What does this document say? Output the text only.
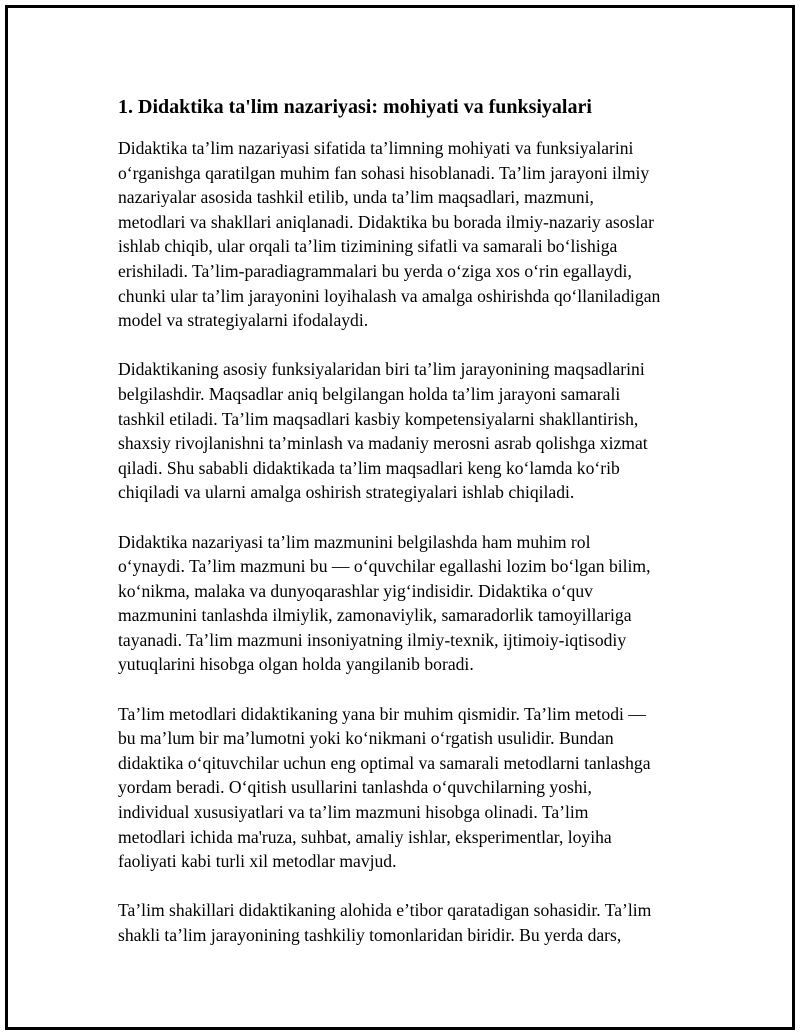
1. Didaktika ta'lim nazariyasi: mohiyati va funksiyalari

Didaktika ta’lim nazariyasi sifatida ta’limning mohiyati va funksiyalarini
o‘rganishga qaratilgan muhim fan sohasi hisoblanadi. Ta’lim jarayoni ilmiy
nazariyalar asosida tashkil etilib, unda ta’lim maqsadlari, mazmuni,
metodlari va shakllari aniqlanadi. Didaktika bu borada ilmiy-nazariy asoslar
ishlab chiqib, ular orqali ta’lim tizimining sifatli va samarali bo‘lishiga
erishiladi. Ta’lim-paradiagrammalari bu yerda o‘ziga xos o‘rin egallaydi,
chunki ular ta’lim jarayonini loyihalash va amalga oshirishda qo‘llaniladigan
model va strategiyalarni ifodalaydi.

Didaktikaning asosiy funksiyalaridan biri ta’lim jarayonining maqsadlarini
belgilashdir. Maqsadlar aniq belgilangan holda ta’lim jarayoni samarali
tashkil etiladi. Ta’lim maqsadlari kasbiy kompetensiyalarni shakllantirish,
shaxsiy rivojlanishni ta’minlash va madaniy merosni asrab qolishga xizmat
qiladi. Shu sababli didaktikada ta’lim maqsadlari keng ko‘lamda ko‘rib
chiqiladi va ularni amalga oshirish strategiyalari ishlab chiqiladi.

Didaktika nazariyasi ta’lim mazmunini belgilashda ham muhim rol
o‘ynaydi. Ta’lim mazmuni bu — o‘quvchilar egallashi lozim bo‘lgan bilim,
ko‘nikma, malaka va dunyoqarashlar yig‘indisidir. Didaktika o‘quv
mazmunini tanlashda ilmiylik, zamonaviylik, samaradorlik tamoyillariga
tayanadi. Ta’lim mazmuni insoniyatning ilmiy-texnik, ijtimoiy-iqtisodiy
yutuqlarini hisobga olgan holda yangilanib boradi.

Ta’lim metodlari didaktikaning yana bir muhim qismidir. Ta’lim metodi —
bu ma’lum bir ma’lumotni yoki ko‘nikmani o‘rgatish usulidir. Bundan
didaktika o‘qituvchilar uchun eng optimal va samarali metodlarni tanlashga
yordam beradi. O‘qitish usullarini tanlashda o‘quvchilarning yoshi,
individual xususiyatlari va ta’lim mazmuni hisobga olinadi. Ta’lim
metodlari ichida ma'ruza, suhbat, amaliy ishlar, eksperimentlar, loyiha
faoliyati kabi turli xil metodlar mavjud.

Ta’lim shakillari didaktikaning alohida e’tibor qaratadigan sohasidir. Ta’lim
shakli ta’lim jarayonining tashkiliy tomonlaridan biridir. Bu yerda dars,
